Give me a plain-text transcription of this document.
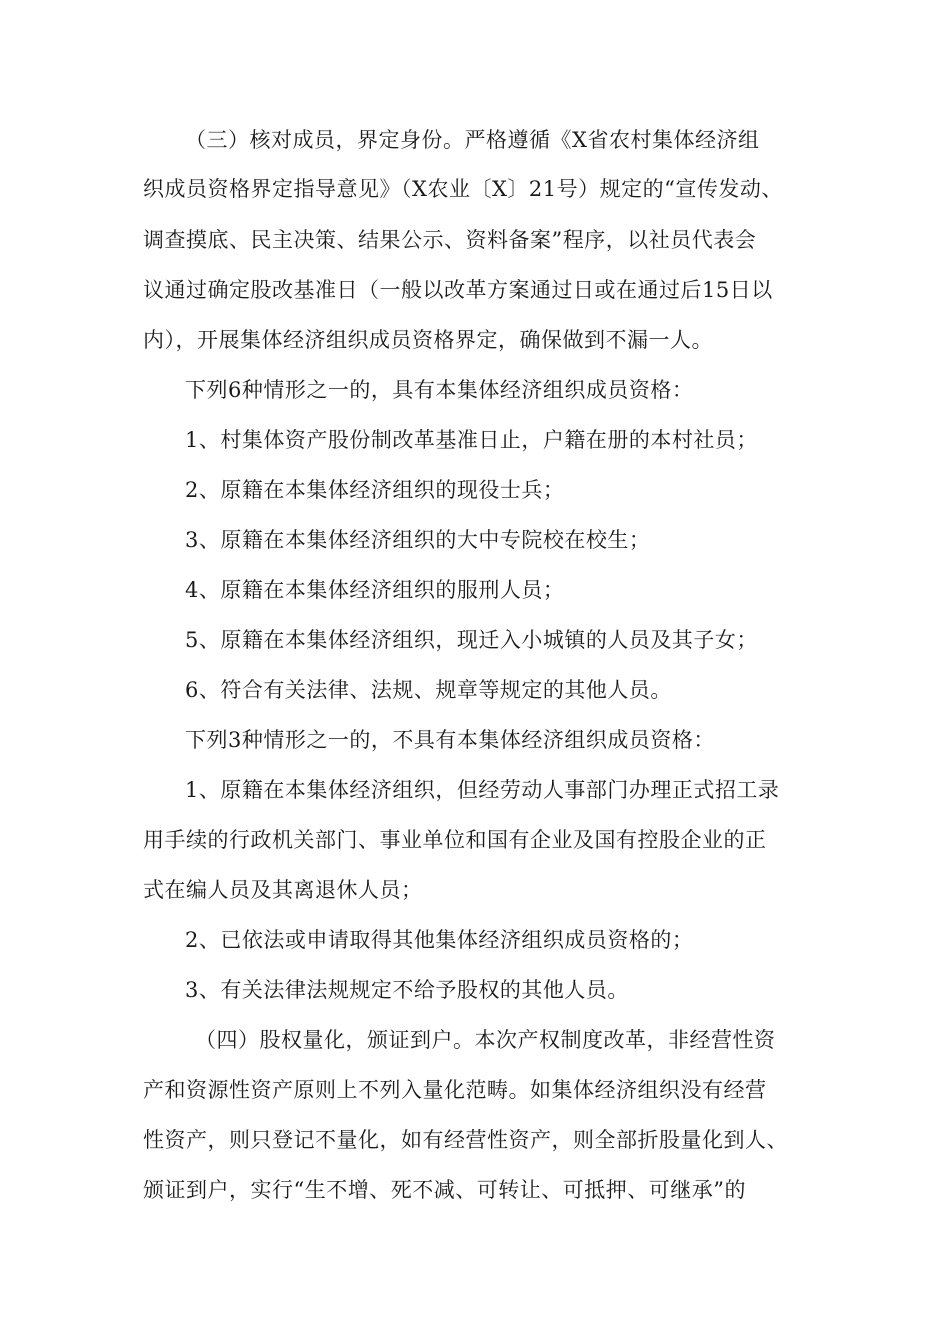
（三）核对成员，界定身份。严格遵循《X省农村集体经济组
织成员资格界定指导意见》（X农业〔X〕21号）规定的“宣传发动、
调查摸底、民主决策、结果公示、资料备案”程序，以社员代表会
议通过确定股改基准日（一般以改革方案通过日或在通过后15日以
内），开展集体经济组织成员资格界定，确保做到不漏一人。
下列6种情形之一的，具有本集体经济组织成员资格：
1、村集体资产股份制改革基准日止，户籍在册的本村社员；
2、原籍在本集体经济组织的现役士兵；
3、原籍在本集体经济组织的大中专院校在校生；
4、原籍在本集体经济组织的服刑人员；
5、原籍在本集体经济组织，现迁入小城镇的人员及其子女；
6、符合有关法律、法规、规章等规定的其他人员。
下列3种情形之一的，不具有本集体经济组织成员资格：
1、原籍在本集体经济组织，但经劳动人事部门办理正式招工录
用手续的行政机关部门、事业单位和国有企业及国有控股企业的正
式在编人员及其离退休人员；
2、已依法或申请取得其他集体经济组织成员资格的；
3、有关法律法规规定不给予股权的其他人员。
（四）股权量化，颁证到户。本次产权制度改革，非经营性资
产和资源性资产原则上不列入量化范畴。如集体经济组织没有经营
性资产，则只登记不量化，如有经营性资产，则全部折股量化到人、
颁证到户，实行“生不增、死不减、可转让、可抵押、可继承”的
